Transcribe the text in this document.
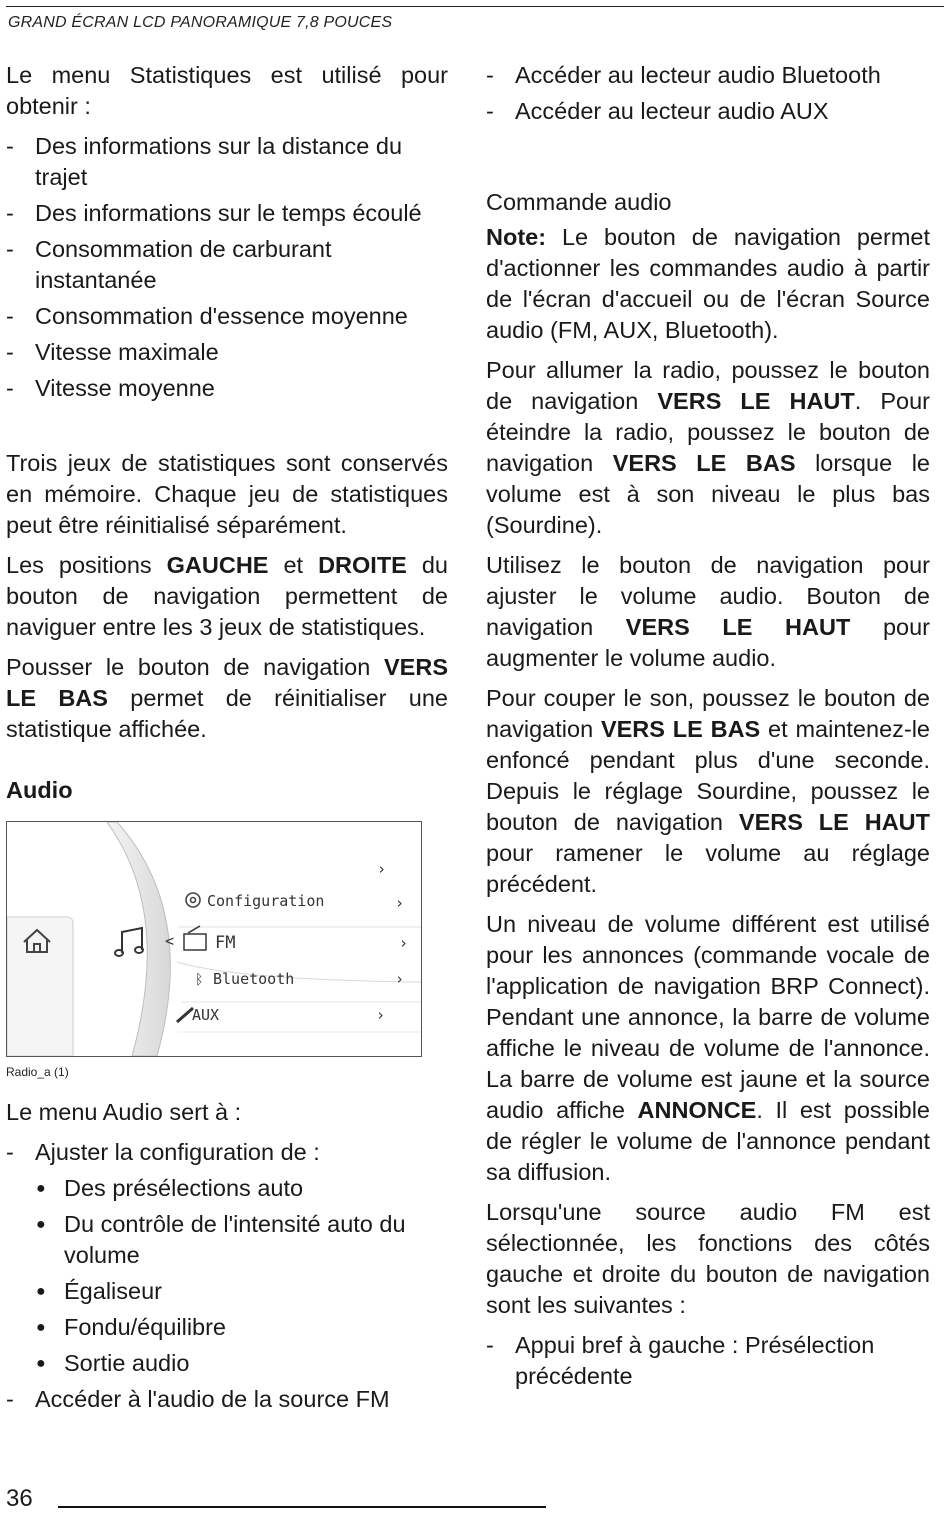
GRAND ÉCRAN LCD PANORAMIQUE 7,8 POUCES

Le menu Statistiques est utilisé pour obtenir :

- Des informations sur la distance du trajet
- Des informations sur le temps écoulé
- Consommation de carburant instantanée
- Consommation d'essence moyenne
- Vitesse maximale
- Vitesse moyenne

Trois jeux de statistiques sont conservés en mémoire. Chaque jeu de statistiques peut être réinitialisé séparément.

Les positions GAUCHE et DROITE du bouton de navigation permettent de naviguer entre les 3 jeux de statistiques.

Pousser le bouton de navigation VERS LE BAS permet de réinitialiser une statistique affichée.

Audio
<
Configuration
FM
ᛒ Bluetooth
AUX
›
›
›
›
›
Radio_a (1)

Le menu Audio sert à :

- Ajuster la configuration de :
● Des présélections auto
● Du contrôle de l'intensité auto du volume
● Égaliseur
● Fondu/équilibre
● Sortie audio
- Accéder à l'audio de la source FM
- Accéder au lecteur audio Bluetooth
- Accéder au lecteur audio AUX

Commande audio

Note: Le bouton de navigation permet d'actionner les commandes audio à partir de l'écran d'accueil ou de l'écran Source audio (FM, AUX, Bluetooth).

Pour allumer la radio, poussez le bouton de navigation VERS LE HAUT. Pour éteindre la radio, poussez le bouton de navigation VERS LE BAS lorsque le volume est à son niveau le plus bas (Sourdine).

Utilisez le bouton de navigation pour ajuster le volume audio. Bouton de navigation VERS LE HAUT pour augmenter le volume audio.

Pour couper le son, poussez le bouton de navigation VERS LE BAS et maintenez-le enfoncé pendant plus d'une seconde. Depuis le réglage Sourdine, poussez le bouton de navigation VERS LE HAUT pour ramener le volume au réglage précédent.

Un niveau de volume différent est utilisé pour les annonces (commande vocale de l'application de navigation BRP Connect). Pendant une annonce, la barre de volume affiche le niveau de volume de l'annonce. La barre de volume est jaune et la source audio affiche ANNONCE. Il est possible de régler le volume de l'annonce pendant sa diffusion.

Lorsqu'une source audio FM est sélectionnée, les fonctions des côtés gauche et droite du bouton de navigation sont les suivantes :

- Appui bref à gauche : Présélection précédente
36
